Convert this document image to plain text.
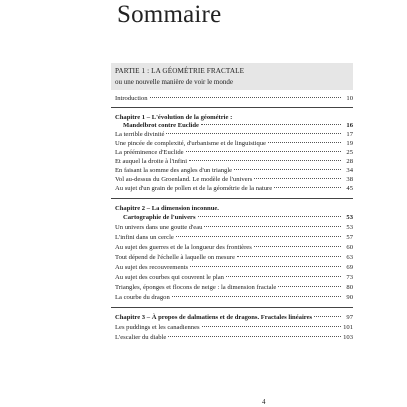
Sommaire
PARTIE 1 : LA GÉOMÉTRIE FRACTALE
ou une nouvelle manière de voir le monde
Introduction	10
Chapitre 1 – L'évolution de la géométrie :
Mandelbrot contre Euclide	16
La terrible divinité	17
Une pincée de complexité, d'urbanisme et de linguistique	19
La prééminence d'Euclide	25
Et auquel la droite à l'infini	28
En faisant la somme des angles d'un triangle	34
Vol au-dessus du Groenland. Le modèle de l'univers	38
Au sujet d'un grain de pollen et de la géométrie de la nature	45
Chapitre 2 – La dimension inconnue.
Cartographie de l'univers	53
Un univers dans une goutte d'eau	53
L'infini dans un cercle	57
Au sujet des guerres et de la longueur des frontières	60
Tout dépend de l'échelle à laquelle on mesure	63
Au sujet des recouvrements	69
Au sujet des courbes qui couvrent le plan	73
Triangles, éponges et flocons de neige : la dimension fractale	80
La courbe du dragon	90
Chapitre 3 – À propos de dalmatiens et de dragons. Fractales linéaires	97
Les puddings et les canadiennes	101
L'escalier du diable	103
4
